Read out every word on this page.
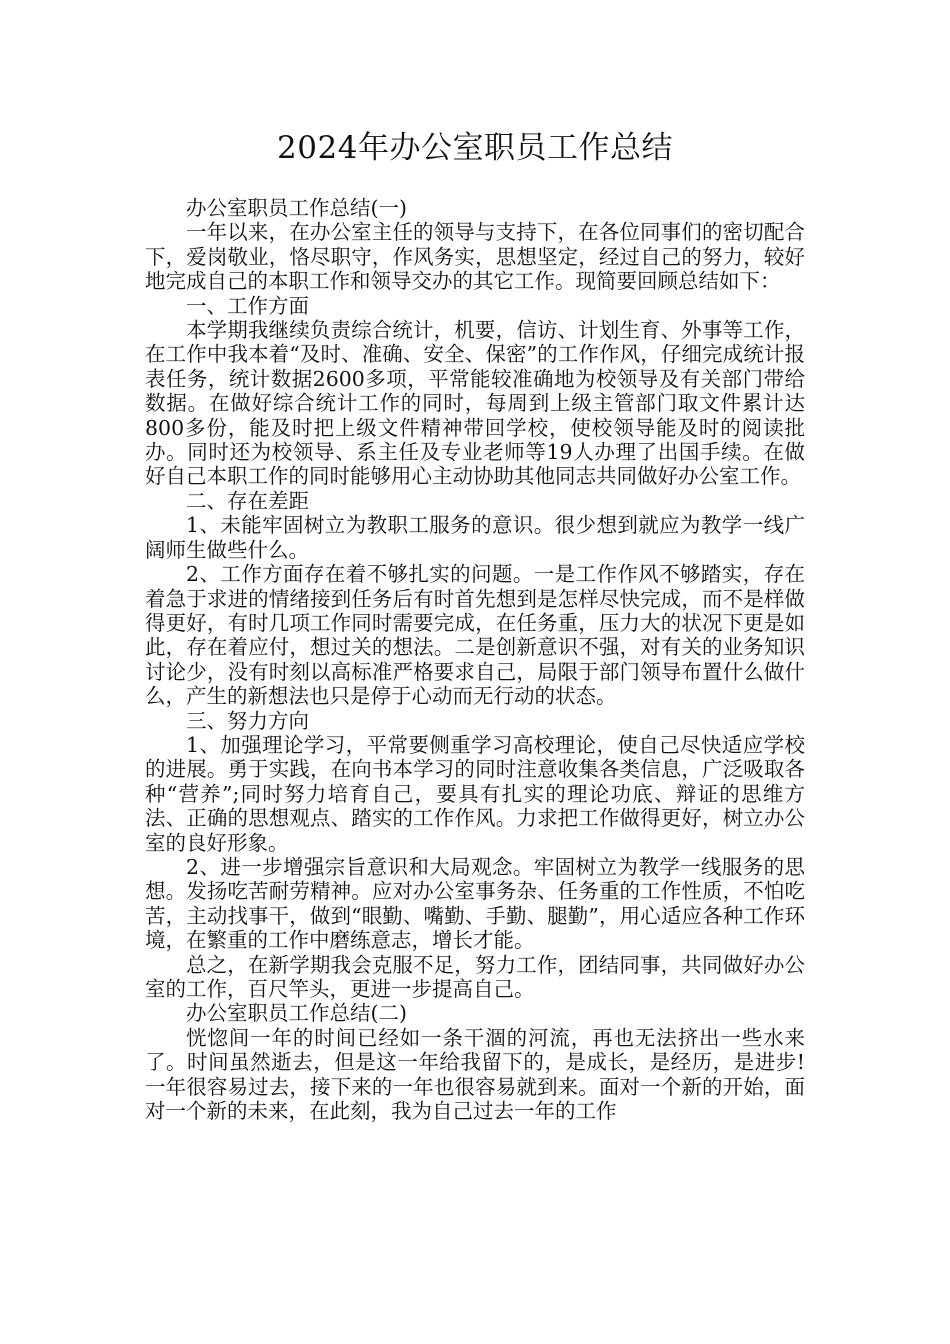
2024年办公室职员工作总结

办公室职员工作总结(一)

一年以来，在办公室主任的领导与支持下，在各位同事们的密切配合下，爱岗敬业，恪尽职守，作风务实，思想坚定，经过自己的努力，较好地完成自己的本职工作和领导交办的其它工作。现简要回顾总结如下：

一、工作方面

本学期我继续负责综合统计，机要，信访、计划生育、外事等工作，在工作中我本着“及时、准确、安全、保密”的工作作风，仔细完成统计报表任务，统计数据2600多项，平常能较准确地为校领导及有关部门带给数据。在做好综合统计工作的同时，每周到上级主管部门取文件累计达800多份，能及时把上级文件精神带回学校，使校领导能及时的阅读批办。同时还为校领导、系主任及专业老师等19人办理了出国手续。在做好自己本职工作的同时能够用心主动协助其他同志共同做好办公室工作。

二、存在差距

1、未能牢固树立为教职工服务的意识。很少想到就应为教学一线广阔师生做些什么。

2、工作方面存在着不够扎实的问题。一是工作作风不够踏实，存在着急于求进的情绪接到任务后有时首先想到是怎样尽快完成，而不是样做得更好，有时几项工作同时需要完成，在任务重，压力大的状况下更是如此，存在着应付，想过关的想法。二是创新意识不强，对有关的业务知识讨论少，没有时刻以高标准严格要求自己，局限于部门领导布置什么做什么，产生的新想法也只是停于心动而无行动的状态。

三、努力方向

1、加强理论学习，平常要侧重学习高校理论，使自己尽快适应学校的进展。勇于实践，在向书本学习的同时注意收集各类信息，广泛吸取各种“营养”;同时努力培育自己，要具有扎实的理论功底、辩证的思维方法、正确的思想观点、踏实的工作作风。力求把工作做得更好，树立办公室的良好形象。

2、进一步增强宗旨意识和大局观念。牢固树立为教学一线服务的思想。发扬吃苦耐劳精神。应对办公室事务杂、任务重的工作性质，不怕吃苦，主动找事干，做到“眼勤、嘴勤、手勤、腿勤”，用心适应各种工作环境，在繁重的工作中磨练意志，增长才能。

总之，在新学期我会克服不足，努力工作，团结同事，共同做好办公室的工作，百尺竿头，更进一步提高自己。

办公室职员工作总结(二)

恍惚间一年的时间已经如一条干涸的河流，再也无法挤出一些水来了。时间虽然逝去，但是这一年给我留下的，是成长，是经历，是进步!一年很容易过去，接下来的一年也很容易就到来。面对一个新的开始，面对一个新的未来，在此刻，我为自己过去一年的工作
